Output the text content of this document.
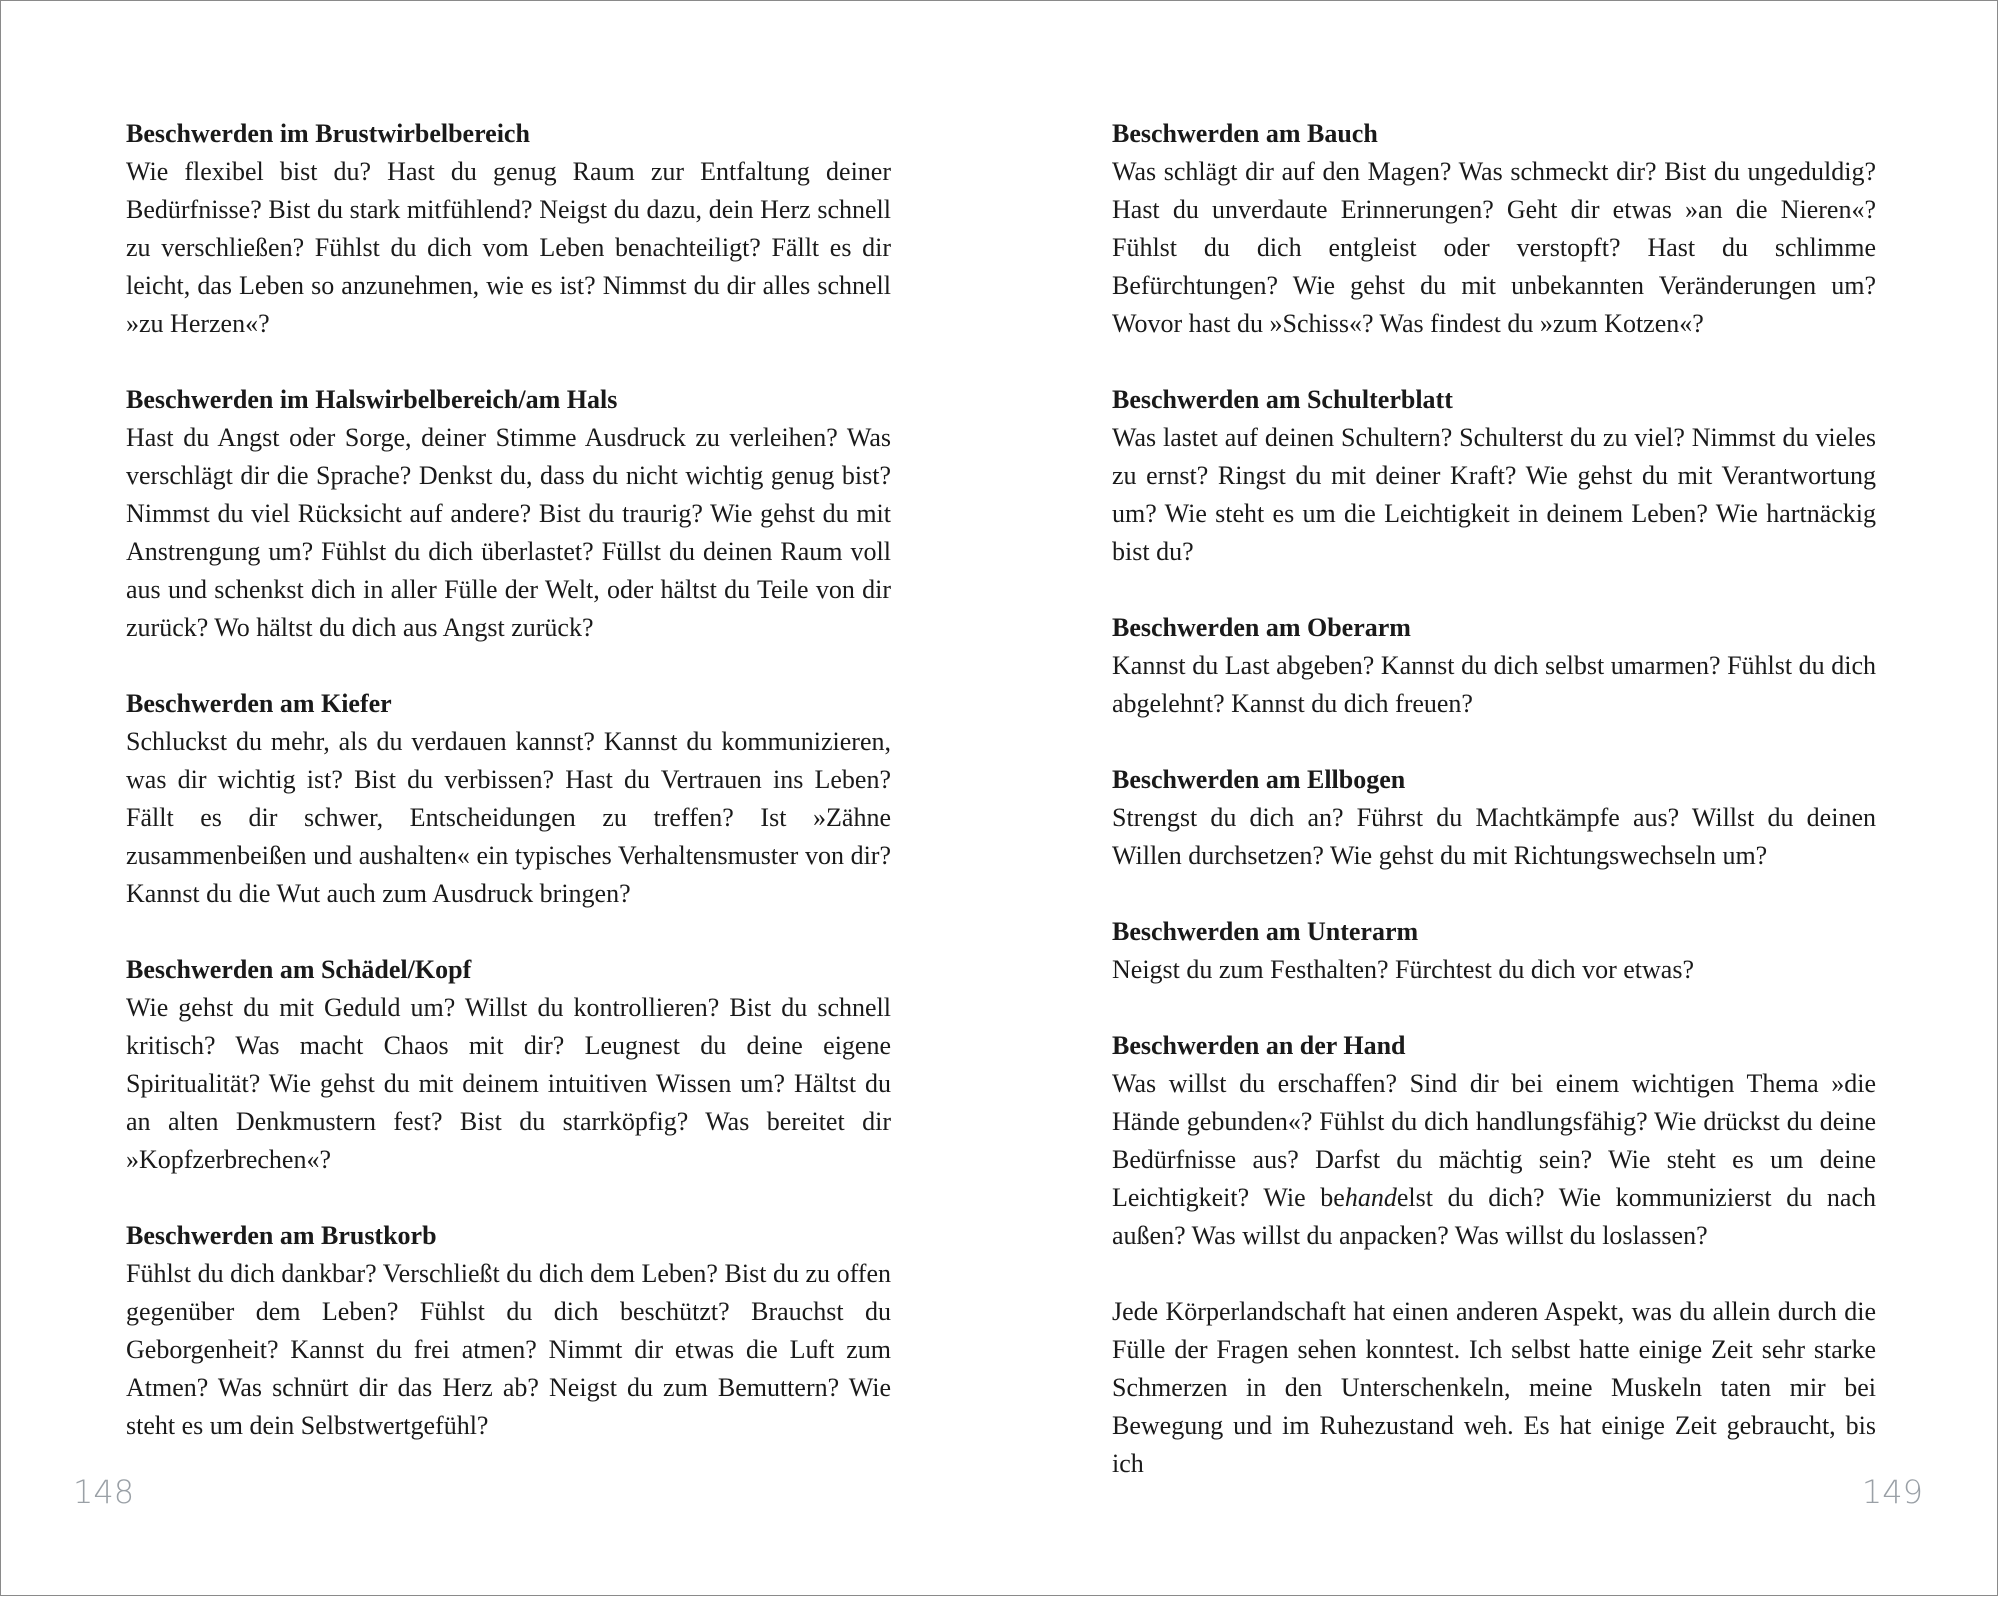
Beschwerden im Brustwirbelbereich

Wie flexibel bist du? Hast du genug Raum zur Entfaltung deiner Bedürfnisse? Bist du stark mitfühlend? Neigst du dazu, dein Herz schnell zu verschließen? Fühlst du dich vom Leben benachteiligt? Fällt es dir leicht, das Leben so anzunehmen, wie es ist? Nimmst du dir alles schnell »zu Herzen«?

Beschwerden im Halswirbelbereich/am Hals

Hast du Angst oder Sorge, deiner Stimme Ausdruck zu verleihen? Was verschlägt dir die Sprache? Denkst du, dass du nicht wichtig genug bist? Nimmst du viel Rücksicht auf andere? Bist du traurig? Wie gehst du mit Anstrengung um? Fühlst du dich überlastet? Füllst du deinen Raum voll aus und schenkst dich in aller Fülle der Welt, oder hältst du Teile von dir zurück? Wo hältst du dich aus Angst zurück?

Beschwerden am Kiefer

Schluckst du mehr, als du verdauen kannst? Kannst du kommunizieren, was dir wichtig ist? Bist du verbissen? Hast du Vertrauen ins Leben? Fällt es dir schwer, Entscheidungen zu treffen? Ist »Zähne zusammenbeißen und aushalten« ein typisches Verhaltensmuster von dir? Kannst du die Wut auch zum Ausdruck bringen?

Beschwerden am Schädel/Kopf

Wie gehst du mit Geduld um? Willst du kontrollieren? Bist du schnell kritisch? Was macht Chaos mit dir? Leugnest du deine eigene Spiritualität? Wie gehst du mit deinem intuitiven Wissen um? Hältst du an alten Denkmustern fest? Bist du starrköpfig? Was bereitet dir »Kopfzerbrechen«?

Beschwerden am Brustkorb

Fühlst du dich dankbar? Verschließt du dich dem Leben? Bist du zu offen gegenüber dem Leben? Fühlst du dich beschützt? Brauchst du Geborgenheit? Kannst du frei atmen? Nimmt dir etwas die Luft zum Atmen? Was schnürt dir das Herz ab? Neigst du zum Bemuttern? Wie steht es um dein Selbstwertgefühl?

148

Beschwerden am Bauch

Was schlägt dir auf den Magen? Was schmeckt dir? Bist du ungeduldig? Hast du unverdaute Erinnerungen? Geht dir etwas »an die Nieren«? Fühlst du dich entgleist oder verstopft? Hast du schlimme Befürchtungen? Wie gehst du mit unbekannten Veränderungen um? Wovor hast du »Schiss«? Was findest du »zum Kotzen«?

Beschwerden am Schulterblatt

Was lastet auf deinen Schultern? Schulterst du zu viel? Nimmst du vieles zu ernst? Ringst du mit deiner Kraft? Wie gehst du mit Verantwortung um? Wie steht es um die Leichtigkeit in deinem Leben? Wie hartnäckig bist du?

Beschwerden am Oberarm

Kannst du Last abgeben? Kannst du dich selbst umarmen? Fühlst du dich abgelehnt? Kannst du dich freuen?

Beschwerden am Ellbogen

Strengst du dich an? Führst du Machtkämpfe aus? Willst du deinen Willen durchsetzen? Wie gehst du mit Richtungswechseln um?

Beschwerden am Unterarm

Neigst du zum Festhalten? Fürchtest du dich vor etwas?

Beschwerden an der Hand

Was willst du erschaffen? Sind dir bei einem wichtigen Thema »die Hände gebunden«? Fühlst du dich handlungsfähig? Wie drückst du deine Bedürfnisse aus? Darfst du mächtig sein? Wie steht es um deine Leichtigkeit? Wie behandelst du dich? Wie kommunizierst du nach außen? Was willst du anpacken? Was willst du loslassen?

Jede Körperlandschaft hat einen anderen Aspekt, was du allein durch die Fülle der Fragen sehen konntest. Ich selbst hatte einige Zeit sehr starke Schmerzen in den Unterschenkeln, meine Muskeln taten mir bei Bewegung und im Ruhezustand weh. Es hat einige Zeit gebraucht, bis ich

149
